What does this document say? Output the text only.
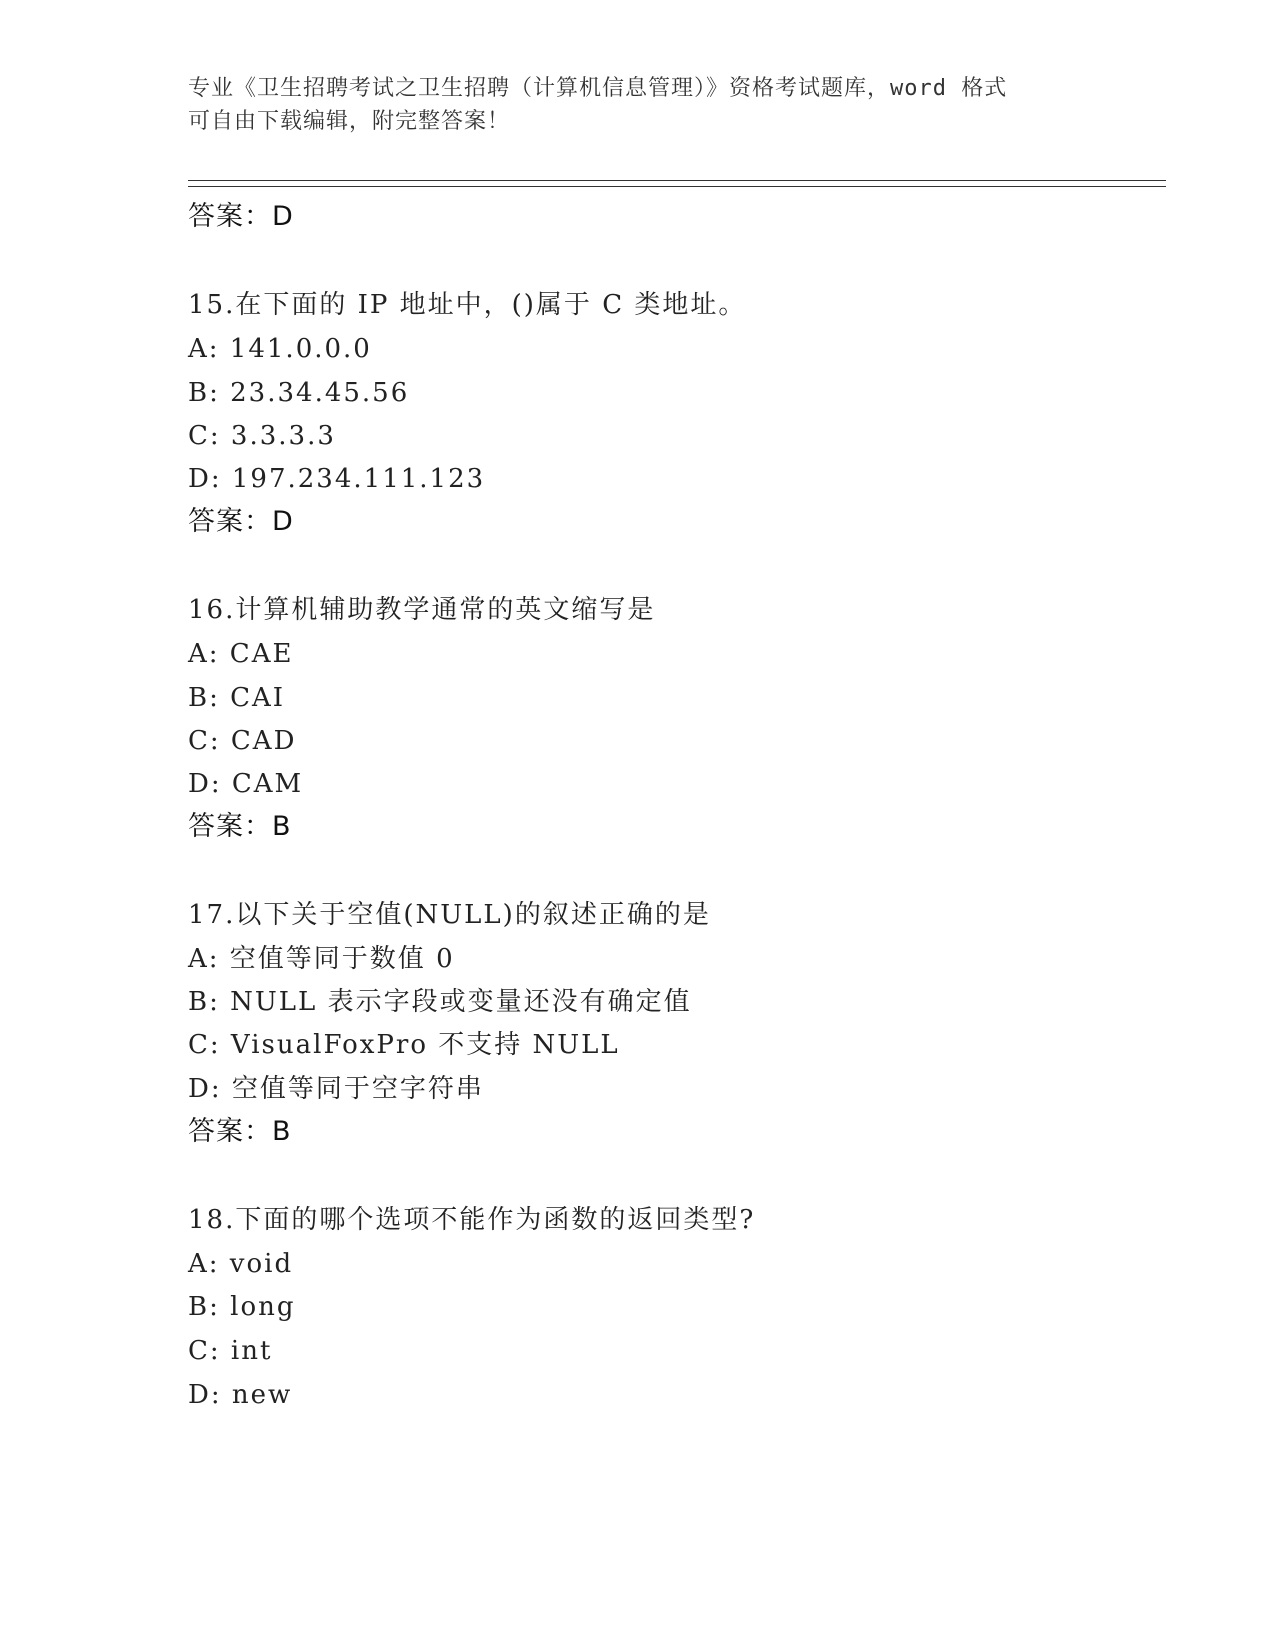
专业《卫生招聘考试之卫生招聘（计算机信息管理）》资格考试题库，word 格式
可自由下载编辑，附完整答案！
答案：D
15.在下面的 IP 地址中，()属于 C 类地址。
A: 141.0.0.0
B: 23.34.45.56
C: 3.3.3.3
D: 197.234.111.123
答案：D
16.计算机辅助教学通常的英文缩写是
A: CAE
B: CAI
C: CAD
D: CAM
答案：B
17.以下关于空值(NULL)的叙述正确的是
A: 空值等同于数值 0
B: NULL 表示字段或变量还没有确定值
C: VisualFoxPro 不支持 NULL
D: 空值等同于空字符串
答案：B
18.下面的哪个选项不能作为函数的返回类型?
A: void
B: long
C: int
D: new
